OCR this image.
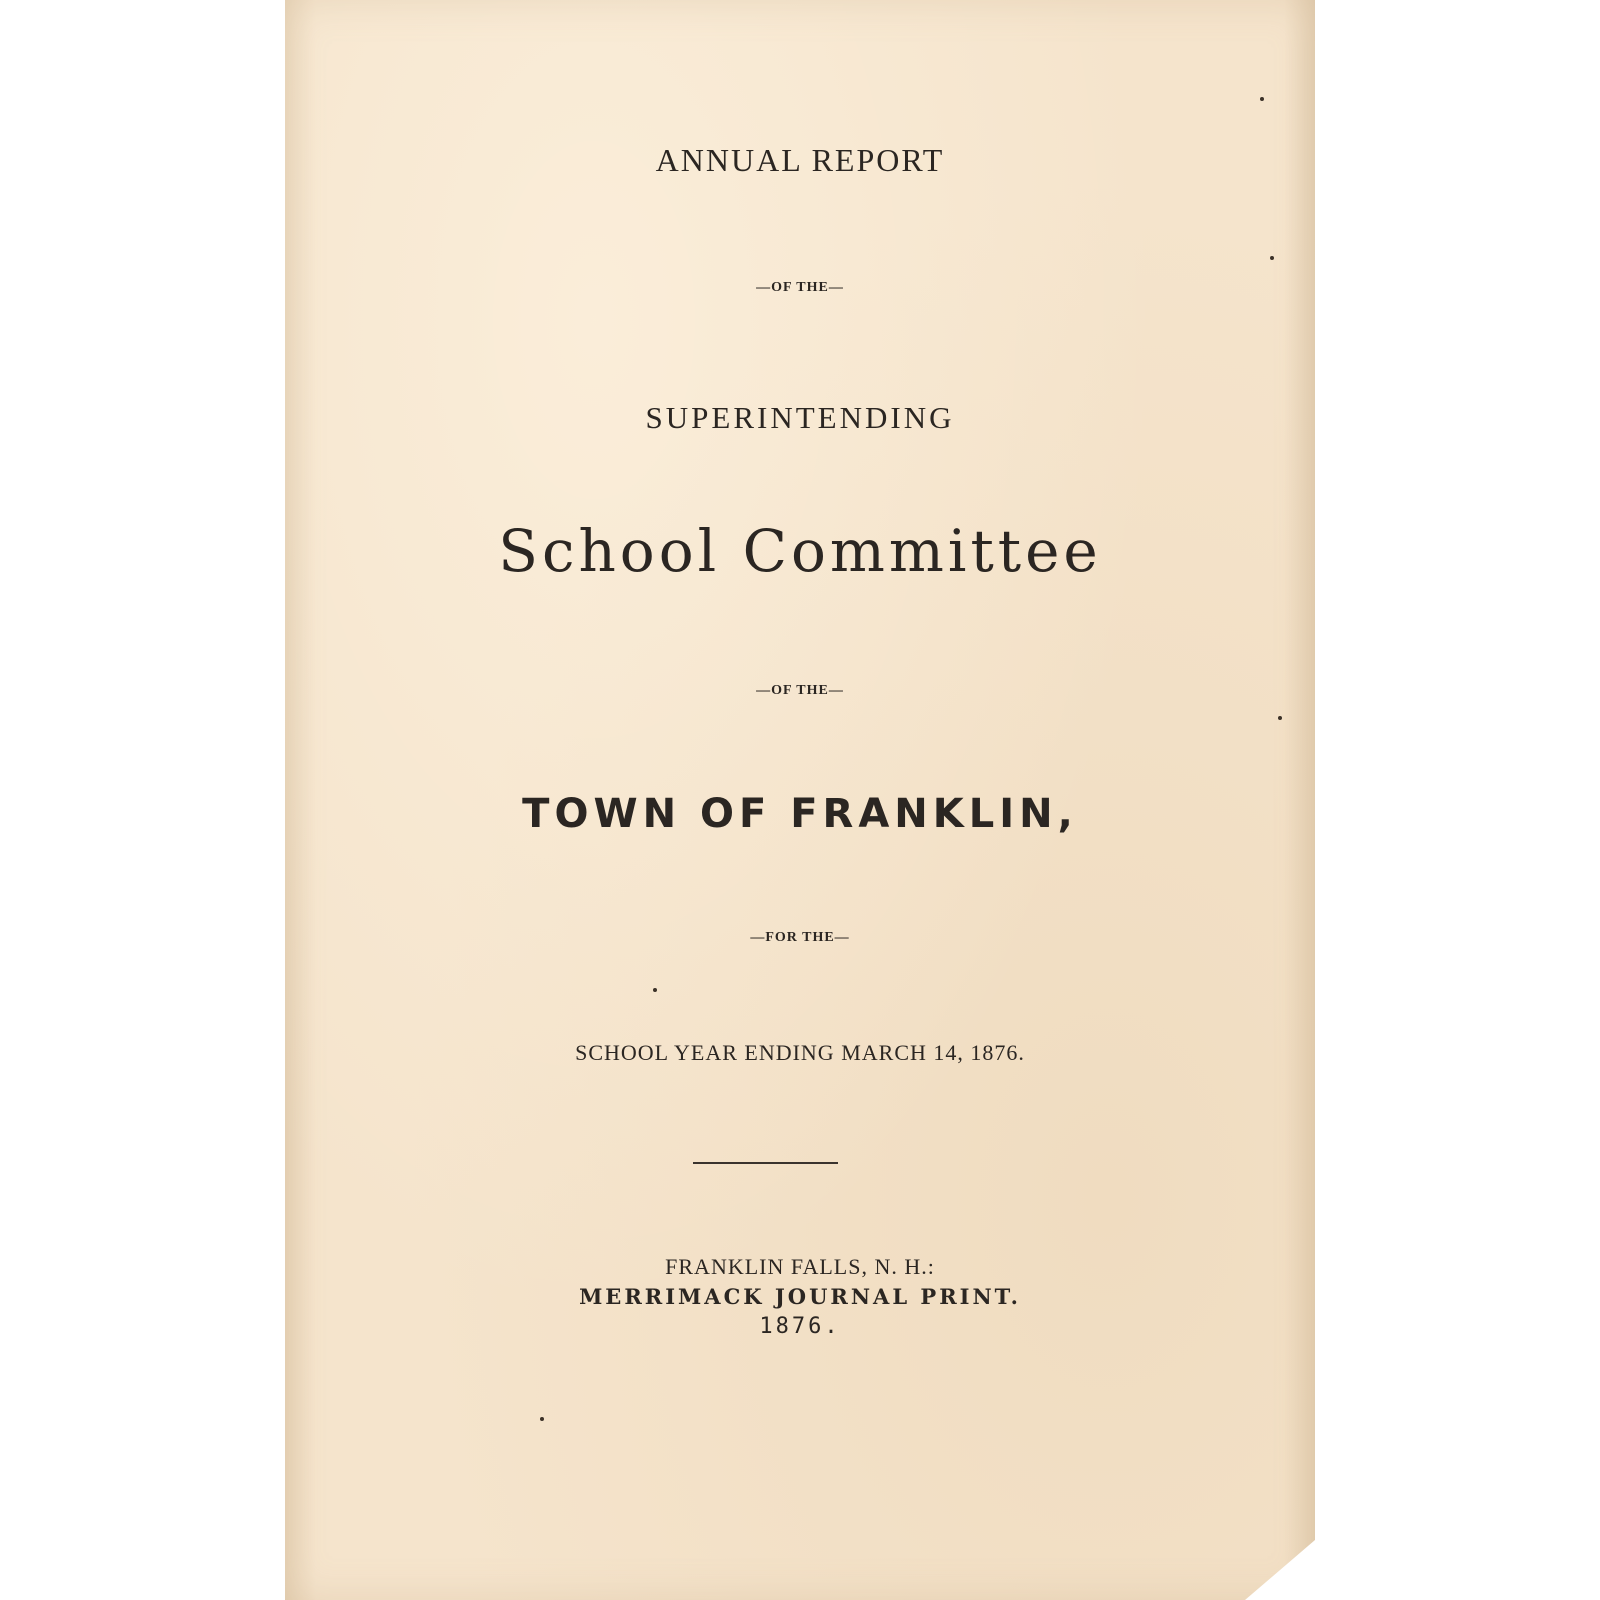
ANNUAL REPORT
—OF THE—
SUPERINTENDING
School Committee
—OF THE—
TOWN OF FRANKLIN,
—FOR THE—
SCHOOL YEAR ENDING MARCH 14, 1876.
FRANKLIN FALLS, N. H.:
MERRIMACK JOURNAL PRINT.
1876.
